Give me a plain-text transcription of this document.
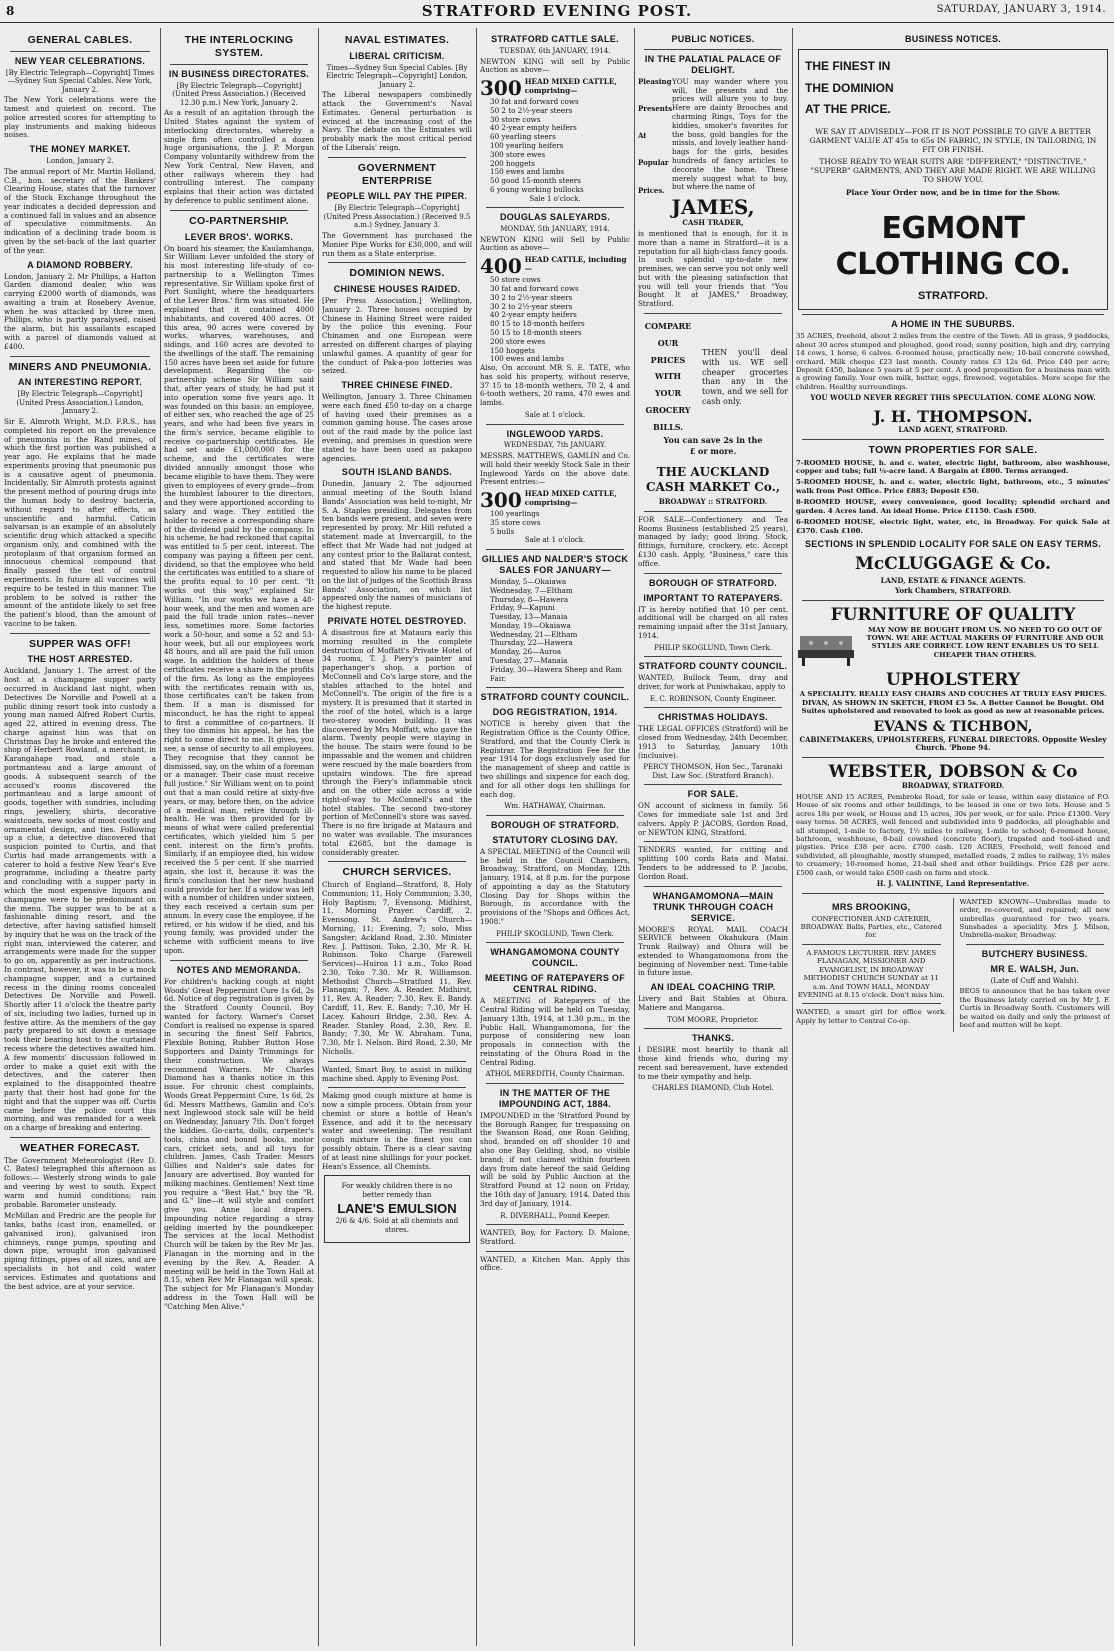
8	STRATFORD EVENING POST.	SATURDAY, JANUARY 3, 1914.
GENERAL CABLES.
NEW YEAR CELEBRATIONS.

[By Electric Telegraph—Copyright] Times—Sydney Sun Special Cables. New York, January 2.

The New York celebrations were the tamest and quietest on record. The police arrested scores for attempting to play instruments and making hideous noises.

THE MONEY MARKET.

London, January 2.

The annual report of Mr. Martin Holland, C.B., hon. secretary of the Bankers' Clearing House, states that the turnover of the Stock Exchange throughout the year indicates a decided depression and a continued fall in values and an absence of speculative commitments. An indication of a declining trade boom is given by the set-back of the last quarter of the year.

A DIAMOND ROBBERY.

London, January 2. Mr Phillips, a Hatton Garden diamond dealer, who was carrying £2000 worth of diamonds, was awaiting a train at Rosebery Avenue, when he was attacked by three men. Phillips, who is partly paralysed, raised the alarm, but his assailants escaped with a parcel of diamonds valued at £400.

MINERS AND PNEUMONIA.
AN INTERESTING REPORT.

[By Electric Telegraph—Copyright] (United Press Association.) London, January 2.

Sir E. Almroth Wright, M.D. F.R.S., has completed his report on the prevalence of pneumonia in the Rand mines, of which the first portion was published a year ago. He explains that he made experiments proving that pneumonic pus is a causative agent of pneumonia. Incidentally, Sir Almroth protests against the present method of pouring drugs into the human body to destroy bacteria, without regard to after effects, as unscientific and harmful. Caticin salvarsan is an example of an absolutely scientific drug which attacked a specific organism only, and combined with the protoplasm of that organism formed an innocuous chemical compound that finally passed the test of control experiments. In future all vaccines will require to be tested in this manner. The problem to be solved is rather the amount of the antidote likely to set free the patient's blood, than the amount of vaccine to be taken.

SUPPER WAS OFF!
THE HOST ARRESTED.

Auckland, January 1. The arrest of the host at a champagne supper party occurred in Auckland last night, when Detectives De Norville and Powell at a public dining resort took into custody a young man named Alfred Robert Curtis, aged 22, attired in evening dress. The charge against him was that on Christmas Day he broke and entered the shop of Herbert Rowland, a merchant, in Karangahape road, and stole a portmanteau and a large amount of goods. A subsequent search of the accused's rooms discovered the portmanteau and a large amount of goods, together with sundries, including rings, jewellery, shirts, decorative waistcoats, new socks of most costly and ornamental design, and ties. Following up a clue, a detective discovered that suspicion pointed to Curtis, and that Curtis had made arrangements with a caterer to hold a festive New Year's Eve programme, including a theatre party and concluding with a supper party in which the most expensive liquors and champagne were to be predominant on the menu. The supper was to be at a fashionable dining resort, and the detective, after having satisfied himself by inquiry that he was on the track of the right man, interviewed the caterer, and arrangements were made for the supper to go on, apparently as per instructions. In contrast, however, it was to be a mock champagne supper, and a curtained recess in the dining rooms concealed Detectives De Norville and Powell. Shortly after 11 o'clock the theatre party of six, including two ladies, turned up in festive attire. As the members of the gay party prepared to sit down a message took their bearing host to the curtained recess where the detectives awaited him. A few moments' discussion followed in order to make a quiet exit with the detectives, and the caterer then explained to the disappointed theatre party that their host had gone for the night and that the supper was off. Curtis came before the police court this morning, and was remanded for a week on a charge of breaking and entering.

WEATHER FORECAST.

The Government Meteorologist (Rev D. C. Bates) telegraphed this afternoon as follows:— Westerly strong winds to gale and veering by west to south. Expect warm and humid conditions; rain probable. Barometer unsteady.

McMillan and Fredric are the people for tanks, baths (cast iron, enamelled, or galvanised iron), galvanised iron chimneys, range pumps, spouting and down pipe, wrought iron galvanised piping fittings, pipes of all sizes, and are specialists in hot and cold water services. Estimates and quotations and the best advice, are at your service.

THE INTERLOCKING SYSTEM.
IN BUSINESS DIRECTORATES.

[By Electric Telegraph—Copyright] (United Press Association.) (Received 12.30 p.m.) New York, January 2.

As a result of an agitation through the United States against the system of interlocking directorates, whereby a single firm often controlled a dozen huge organisations, the J. P. Morgan Company voluntarily withdrew from the New York Central, New Haven, and other railways wherein they had controlling interest. The company explains that their action was dictated by deference to public sentiment alone.

CO-PARTNERSHIP.
LEVER BROS'. WORKS.

On board his steamer, the Kaulamhanga, Sir William Lever unfolded the story of his most interesting life-study of co-partnership to a Wellington Times representative. Sir William spoke first of Port Sunlight, where the headquarters of the Lever Bros.' firm was situated. He explained that it contained 4000 inhabitants, and covered 400 acres. Of this area, 90 acres were covered by works, wharves, warehouses, and sidings, and 160 acres are devoted to the dwellings of the staff. The remaining 150 acres have been set aside for future development. Regarding the co-partnership scheme Sir William said that, after years of study, he had put it into operation some five years ago. It was founded on this basis: an employee, of either sex, who reached the age of 25 years, and who had been five years in the firm's service, became eligible to receive co-partnership certificates. He had set aside £1,000,000 for the scheme, and the certificates were divided annually amongst those who became eligible to have them. They were given to employees of every grade—from the humblest labourer to the directors, and they were apportioned according to salary and wage. They entitled the holder to receive a corresponding share of the dividend paid by the company. In his scheme, he had reckoned that capital was entitled to 5 per cent. interest. The company was paying a fifteen per cent. dividend, so that the employee who held the certificates was entitled to a share of the profits equal to 10 per cent. "It works out this way," explained Sir William. "In our works we have a 48-hour week, and the men and women are paid the full trade union rates—never less, sometimes more. Some factories work a 50-hour, and some a 52 and 53-hour week, but all our employees work 48 hours, and all are paid the full union wage. In addition the holders of these certificates receive a share in the profits of the firm. As long as the employees with the certificates remain with us, those certificates can't be taken from them. If a man is dismissed for misconduct, he has the right to appeal to first a committee of co-partners. If they too dismiss his appeal, he has the right to come direct to me. It gives, you see, a sense of security to all employees. They recognise that they cannot be dismissed, say, on the whim of a foreman or a manager. Their case must receive full justice." Sir William went on to point out that a man could retire at sixty-five years, or may, before then, on the advice of a medical man, retire through ill-health. He was then provided for by means of what were called preferential certificates, which yielded him 5 per cent. interest on the firm's profits. Similarly, if an employee died, his widow received the 5 per cent. If she married again, she lost it, because it was the firm's conclusion that her new husband could provide for her. If a widow was left with a number of children under sixteen, they each received a certain sum per annum. In every case the employee, if he retired, or his widow if he died, and his young family, was provided under the scheme with sufficient means to live upon.

NOTES AND MEMORANDA.

For children's hacking cough at night Woods' Great Peppermint Cure 1s 6d, 2s 6d. Notice of dog registration is given by the Stratford County Council. Boy wanted for factory. Warner's Corset Comfort is realised no expense is spared in securing the finest Self Fabrics, Flexible Boning, Rubber Button Hose Supporters and Dainty Trimmings for their construction. We always recommend Warners. Mr Charles Diamond has a thanks notice in this issue. For chronic chest complaints, Woods Great Peppermint Cure, 1s 6d, 2s 6d. Messrs Matthews, Gamlin and Co's next Inglewood stock sale will be held on Wednesday, January 7th. Don't forget the kiddies. Go-carts, dolls, carpenter's tools, china and bound books, motor cars, cricket sets, and all toys for children. James, Cash Trader. Messrs Gillies and Nalder's sale dates for January are advertised. Boy wanted for milking machines. Gentlemen! Next time you require a "Best Hat," buy the "R. and G." line—it will style and comfort give you. Anne local drapers. Impounding notice regarding a stray gelding inserted by the poundkeeper. The services at the local Methodist Church will be taken by the Rev Mr Jas. Flanagan in the morning and in the evening by the Rev. A. Reader. A meeting will be held in the Town Hall at 8.15, when Rev Mr Flanagan will speak. The subject for Mr Flanagan's Monday address in the Town Hall will be "Catching Men Alive."

NAVAL ESTIMATES.
LIBERAL CRITICISM.

Times—Sydney Sun Special Cables. [By Electric Telegraph—Copyright] London, January 2.

The Liberal newspapers combinedly attack the Government's Naval Estimates. General perturbation is evinced at the increasing cost of the Navy. The debate on the Estimates will probably mark the most critical period of the Liberals' reign.

GOVERNMENT ENTERPRISE
PEOPLE WILL PAY THE PIPER.

[By Electric Telegraph—Copyright] (United Press Association.) (Received 9.5 a.m.) Sydney, January 3.

The Government has purchased the Monier Pipe Works for £30,000, and will run them as a State enterprise.

DOMINION NEWS.
CHINESE HOUSES RAIDED.

[Per Press Association.] Wellington, January 2. Three houses occupied by Chinese in Haining Street were raided by the police this evening. Four Chinamen and one European were arrested on different charges of playing unlawful games. A quantity of gear for the conduct of Pak-a-poo lotteries was seized.

THREE CHINESE FINED.

Wellington, January 3. Three Chinamen were each fined £50 to-day on a charge of having used their premises as a common gaming house. The cases arose out of the raid made by the police last evening, and premises in question were stated to have been used as pakapoo agencies.

SOUTH ISLAND BANDS.

Dunedin, January 2. The adjourned annual meeting of the South Island Bands' Association was held to-night, Mr S. A. Staples presiding. Delegates from ten bands were present, and seven were represented by proxy. Mr Hill refuted a statement made at Invercargill, to the effect that Mr Wade had not judged at any contest prior to the Ballarat contest, and stated that Mr Wade had been requested to allow his name to be placed on the list of judges of the Scottish Brass Bands' Association, on which list appeared only the names of musicians of the highest repute.

PRIVATE HOTEL DESTROYED.

A disastrous fire at Mataura early this morning resulted in the complete destruction of Moffatt's Private Hotel of 34 rooms, T. J. Piery's painter and paperhanger's shop, a portion of McConnell and Co's large store, and the stables attached to the hotel and McConnell's. The origin of the fire is a mystery. It is presumed that it started in the roof of the hotel, which is a large two-storey wooden building. It was discovered by Mrs Moffatt, who gave the alarm. Twenty people were staying in the house. The stairs were found to be impassable and the women and children were rescued by the male boarders from upstairs windows. The fire spread through the Fiery's inflammable stock and on the other side across a wide right-of-way to McConnell's and the hotel stables. The second two-storey portion of McConnell's store was saved. There is no fire brigade at Mataura and no water was available. The insurances total £2685, but the damage is considerably greater.

CHURCH SERVICES.

Church of England—Stratford, 8, Holy Communion; 11, Holy Communion; 3.30, Holy Baptism; 7, Evensong. Midhirst, 11, Morning Prayer. Cardiff, 2, Evensong. St. Andrew's Church—Morning, 11; Evening, 7; solo, Miss Sangster; Ackland Road, 2.30. Minister Rev. J. Pattison. Toko, 2.30, Mr R. H. Robinson. Toko Charge (Farewell Services)—Huiroa 11 a.m., Toko Road 2.30, Toko 7.30. Mr R. Williamson. Methodist Church—Stratford 11, Rev. Flanagan; 7, Rev. A. Reader. Midhirst, 11, Rev. A. Reader; 7.30, Rev. E. Bandy. Cardiff, 11, Rev. E. Bandy; 7.30, Mr H. Lacey. Kahouri Bridge, 2.30, Rev. A. Reader. Stanley Road, 2.30, Rev. E. Bandy; 7.30, Mr W. Abraham. Tuna, 7.30, Mr I. Nelson. Bird Road, 2.30, Mr Nicholls.

Wanted, Smart Boy, to assist in milking machine shed. Apply to Evening Post.

Making good cough mixture at home is now a simple process. Obtain from your chemist or store a bottle of Hean's Essence, and add it to the necessary water and sweetening. The resultant cough mixture is the finest you can possibly obtain. There is a clear saving of at least nine shillings for your pocket. Hean's Essence, all Chemists.

For weakly children there is no better remedy than
LANE'S EMULSION
2/6 & 4/6. Sold at all chemists and stores.
STRATFORD CATTLE SALE.
TUESDAY, 6th JANUARY, 1914.

NEWTON KING will sell by Public Auction as above—

300 HEAD MIXED CATTLE, comprising—
30 fat and forward cows
50 2 to 2½-year steers
30 store cows
40 2-year empty heifers
60 yearling steers
100 yearling heifers
300 store ewes
200 hoggets
150 ewes and lambs
50 good 15-month steers
6 young working bullocks
Sale 1 o'clock.
DOUGLAS SALEYARDS.
MONDAY, 5th JANUARY, 1914.

NEWTON KING will Sell by Public Auction as above—

400 HEAD CATTLE, including—
50 store cows
30 fat and forward cows
30 2 to 2½-year steers
30 2 to 2½-year steers
40 2-year empty heifers
80 15 to 18-month heifers
50 15 to 18-month steers
200 store ewes
150 hoggets
100 ewes and lambs

Also, On account MR S. E. TATE, who has sold his property, without reserve, 37 15 to 18-month wethers, 70 2, 4 and 6-tooth wethers, 20 rams, 470 ewes and lambs.

Sale at 1 o'clock.
INGLEWOOD YARDS.
WEDNESDAY, 7th JANUARY.

MESSRS. MATTHEWS, GAMLIN and Co. will hold their weekly Stock Sale in their Inglewood Yards on the above date. Present entries:—

300 HEAD MIXED CATTLE, comprising—
100 yearlings
35 store cows
5 bulls
Sale at 1 o'clock.
GILLIES AND NALDER'S STOCK SALES FOR JANUARY—
Monday, 5—Okaiawa
Wednesday, 7—Eltham
Thursday, 8—Hawera
Friday, 9—Kapuni
Tuesday, 13—Manaia
Monday, 19—Okaiawa
Wednesday, 21—Eltham
Thursday, 22—Hawera
Monday, 26—Auroa
Tuesday, 27—Manaia
Friday, 30—Hawera Sheep and Ram Fair.
STRATFORD COUNTY COUNCIL.
DOG REGISTRATION, 1914.

NOTICE is hereby given that the Registration Office is the County Office, Stratford, and that the County Clerk is Registrar. The Registration Fee for the year 1914 for dogs exclusively used for the management of sheep and cattle is two shillings and sixpence for each dog, and for all other dogs ten shillings for each dog.

Wm. HATHAWAY, Chairman.
BOROUGH OF STRATFORD.
STATUTORY CLOSING DAY.

A SPECIAL MEETING of the Council will be held in the Council Chambers, Broadway, Stratford, on Monday, 12th January, 1914, at 8 p.m. for the purpose of appointing a day as the Statutory Closing Day for Shops within the Borough, in accordance with the provisions of the "Shops and Offices Act, 1908."

PHILIP SKOGLUND, Town Clerk.
WHANGAMOMONA COUNTY COUNCIL.
MEETING OF RATEPAYERS OF CENTRAL RIDING.

A MEETING of Ratepayers of the Central Riding will be held on Tuesday, January 13th, 1914, at 1.30 p.m., in the Public Hall, Whangamomona, for the purpose of considering new loan proposals in connection with the reinstating of the Ohura Road in the Central Riding.

ATHOL MEREDITH, County Chairman.
IN THE MATTER OF THE IMPOUNDING ACT, 1884.

IMPOUNDED in the 'Stratford Pound by the Borough Ranger, for trespassing on the Swanson Road, one Roan Gelding, shod, branded on off shoulder 10 and also one Bay Gelding, shod, no visible brand; if not claimed within fourteen days from date hereof the said Gelding will be sold by Public Auction at the Stratford Pound at 12 noon on Friday, the 16th day of January, 1914. Dated this 3rd day of January, 1914.

R. DIVERHALL, Pound Keeper.

WANTED, Boy, for Factory. D. Malone, Stratford.

WANTED, a Kitchen Man. Apply this office.

PUBLIC NOTICES.
IN THE PALATIAL PALACE OF DELIGHT.
Pleasing
Presents
At
Popular
Prices.

YOU may wander where you will, the presents and the prices will allure you to buy. Here are dainty Brooches and charming Rings, Toys for the kiddies, smoker's favorites for the boss, gold bangles for the missis, and lovely leather hand-bags for the girls, besides hundreds of fancy articles to decorate the home. These merely suggest what to buy, but where the name of

JAMES,
CASH TRADER,

is mentioned that is enough, for it is more than a name in Stratford—it is a reputation for all high-class fancy goods. In such splendid up-to-date new premises, we can serve you not only well but with the pleasing satisfaction that you will tell your friends that "You Bought It at JAMES," Broadway, Stratford.

COMPARE
OUR
PRICES
WITH
YOUR
GROCERY
BILLS.

THEN you'll deal with us. WE sell cheaper groceries than any in the town, and we sell for cash only.

You can save 2s in the
£ or more.
THE AUCKLAND CASH MARKET Co.,
BROADWAY :: STRATFORD.

FOR SALE—Confectionery and Tea Rooms Business (established 25 years), managed by lady; good living. Stock, fittings, furniture, crockery, etc. Accept £130 cash. Apply, "Business," care this office.

BOROUGH OF STRATFORD.
IMPORTANT TO RATEPAYERS.

IT is hereby notified that 10 per cent. additional will be charged on all rates remaining unpaid after the 31st January, 1914.

PHILIP SKOGLUND, Town Clerk.
STRATFORD COUNTY COUNCIL.

WANTED, Bullock Team, dray and driver, for work at Puniwhakau, apply to

E. C. ROBINSON, County Engineer.
CHRISTMAS HOLIDAYS.

THE LEGAL OFFICES (Stratford) will be closed from Wednesday, 24th December, 1913 to Saturday, January 10th (inclusive).

PERCY THOMSON, Hon Sec., Taranaki Dist. Law Soc. (Stratford Branch).
FOR SALE.

ON account of sickness in family. 56 Cows for immediate sale 1st and 3rd calvers. Apply P. JACOBS, Gordon Road, or NEWTON KING, Stratford.

TENDERS wanted, for cutting and splitting 100 cords Rata and Matai. Tenders to be addressed to P. Jacobs, Gordon Road.

WHANGAMOMONA—MAIN TRUNK THROUGH COACH SERVICE.

MOORE'S ROYAL MAIL COACH SERVICE between Okahukura (Main Trunk Railway) and Ohura will be extended to Whangamomona from the beginning of November next. Time-table in future issue.

AN IDEAL COACHING TRIP.

Livery and Bait Stables at Ohura. Matiere and Mangaroa.

TOM MOORE, Proprietor.
THANKS.

I DESIRE most heartily to thank all those kind friends who, during my recent sad bereavement, have extended to me their sympathy and help.

CHARLES DIAMOND, Club Hotel.
BUSINESS NOTICES.
THE FINEST IN
THE DOMINION
AT THE PRICE.

WE SAY IT ADVISEDLY—FOR IT IS NOT POSSIBLE TO GIVE A BETTER GARMENT VALUE AT 45s to 65s IN FABRIC, IN STYLE, IN TAILORING, IN FIT OR FINISH.

THOSE READY TO WEAR SUITS ARE "DIFFERENT," "DISTINCTIVE," "SUPERB" GARMENTS, AND THEY ARE MADE RIGHT. WE ARE WILLING TO SHOW YOU.

Place Your Order now, and be in time for the Show.

EGMONT CLOTHING CO.
STRATFORD.
A HOME IN THE SUBURBS.

35 ACRES, freehold, about 2 miles from the centre of the Town. All in grass, 9 paddocks, about 30 acres stumped and ploughed, good road; sunny position, high and dry, carrying 14 cows, 1 horse, 6 calves. 6-roomed house, practically new; 10-bail concrete cowshed, orchard. Milk cheque £23 last month. County rates £3 12s 6d. Price £40 per acre; Deposit £450, balance 5 years at 5 per cent. A good proposition for a business man with a growing family. Your own milk, butter, eggs, firewood, vegetables. More scope for the children. Healthy surroundings.

YOU WOULD NEVER REGRET THIS SPECULATION. COME ALONG NOW.
J. H. THOMPSON.
LAND AGENT, STRATFORD.
TOWN PROPERTIES FOR SALE.

7-ROOMED HOUSE, h. and c. water, electric light, bathroom, also washhouse, copper and tubs; full ¼-acre land. A Bargain at £800. Terms arranged.

5-ROOMED HOUSE, h. and c. water, electric light, bathroom, etc., 5 minutes' walk from Post Office. Price £883; Deposit £50.

8-ROOMED HOUSE, every convenience, good locality; splendid orchard and garden. 4 Acres land. An ideal Home. Price £1150. Cash £500.

6-ROOMED HOUSE, electric light, water, etc, in Broadway. For quick Sale at £370. Cash £100.

SECTIONS IN SPLENDID LOCALITY FOR SALE ON EASY TERMS.
McCLUGGAGE & Co.
LAND, ESTATE & FINANCE AGENTS.
York Chambers, STRATFORD.
FURNITURE OF QUALITY

MAY NOW BE BOUGHT FROM US. NO NEED TO GO OUT OF TOWN. WE ARE ACTUAL MAKERS OF FURNITURE AND OUR STYLES ARE CORRECT. LOW RENT ENABLES US TO SELL CHEAPER THAN OTHERS.

UPHOLSTERY

A SPECIALITY. REALLY EASY CHAIRS AND COUCHES AT TRULY EASY PRICES. DIVAN, AS SHOWN IN SKETCH, FROM £3 5s. A Better Cannot be Bought. Old Suites upholstered and renovated to look as good as new at reasonable prices.

EVANS & TICHBON,
CABINETMAKERS, UPHOLSTERERS, FUNERAL DIRECTORS. Opposite Wesley Church. 'Phone 94.
WEBSTER, DOBSON & Co
BROADWAY, STRATFORD.

HOUSE AND 15 ACRES, Pembroke Road, for sale or lease, within easy distance of P.O. House of six rooms and other buildings, to be leased in one or two lots. House and 5 acres 18s per week, or House and 15 acres, 30s per week, or for sale. Price £1300. Very easy terms. 50 ACRES, well fenced and subdivided into 9 paddocks, all ploughable and all stumped, 1-mile to factory, 1½ miles to railway, 1-mile to school; 6-roomed house, bathroom, washhouse, 8-bail cowshed (concrete floor), trapsted and tool-shed and pigsties. Price £38 per acre. £700 cash. 120 ACRES, Freehold, well fenced and subdivided, all ploughable, mostly stumped, metalled roads, 2 miles to railway, 1½ miles to creamery; 10-roomed home, 21-bail shed and other buildings. Price £28 per acre. £500 cash, or would take £500 cash on farm and stock.

H. J. VALINTINE, Land Representative.
MRS BROOKING,

CONFECTIONER AND CATERER, BROADWAY. Balls, Parties, etc., Catered for.

A FAMOUS LECTURER. REV. JAMES FLANAGAN, MISSIONER AND EVANGELIST, IN BROADWAY METHODIST CHURCH SUNDAY at 11 a.m. And TOWN HALL, MONDAY EVENING at 8.15 o'clock. Don't miss him.

WANTED, a smart girl for office work. Apply by letter to Central Co-op.

WANTED KNOWN—Umbrellas made to order, re-covered, and repaired; all new umbrellas guaranteed for two years. Sunshades a speciality. Mrs J. Milson, Umbrella-maker, Broadway.

BUTCHERY BUSINESS.
MR E. WALSH, Jun.
(Late of Cuff and Walsh).

BEGS to announce that he has taken over the Business lately carried on by Mr J. F. Curtis in Broadway South. Customers will be waited on daily and only the primest of beef and mutton will be kept.
